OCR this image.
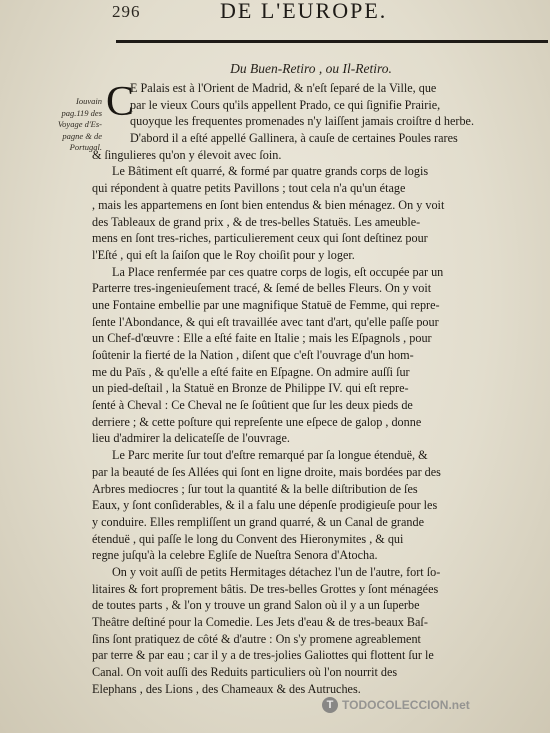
296	DE L'EUROPE.
Du Buen-Retiro , ou Il-Retiro.
Iouvain
pag.119 des
Voyage d'Es-
pagne & de
Portugal.
C
E Palais est à l'Orient de Madrid, & n'eſt ſeparé de la Ville, que
par le vieux Cours qu'ils appellent Prado, ce qui ſignifie Prairie,
quoyque les frequentes promenades n'y laiſſent jamais croiſtre d herbe.
D'abord il a eſté appellé Gallinera, à cauſe de certaines Poules rares
& ſingulieres qu'on y élevoit avec ſoin.
Le Bâtiment eſt quarré, & formé par quatre grands corps de logis
qui répondent à quatre petits Pavillons ; tout cela n'a qu'un étage
, mais les appartemens en ſont bien entendus & bien ménagez. On y voit
des Tableaux de grand prix , & de tres-belles Statuës. Les ameuble-
mens en ſont tres-riches, particulierement ceux qui ſont deſtinez pour
l'Eſté , qui eſt la ſaiſon que le Roy choiſit pour y loger.
La Place renfermée par ces quatre corps de logis, eſt occupée par un
Parterre tres-ingenieuſement tracé, & ſemé de belles Fleurs. On y voit
une Fontaine embellie par une magnifique Statuë de Femme, qui repre-
ſente l'Abondance, & qui eſt travaillée avec tant d'art, qu'elle paſſe pour
un Chef-d'œuvre : Elle a eſté faite en Italie ; mais les Eſpagnols , pour
ſoûtenir la fierté de la Nation , diſent que c'eſt l'ouvrage d'un hom-
me du Païs , & qu'elle a eſté faite en Eſpagne. On admire auſſi ſur
un pied-deſtail , la Statuë en Bronze de Philippe IV. qui eſt repre-
ſenté à Cheval : Ce Cheval ne ſe ſoûtient que ſur les deux pieds de
derriere ; & cette poſture qui repreſente une eſpece de galop , donne
lieu d'admirer la delicateſſe de l'ouvrage.
Le Parc merite ſur tout d'eſtre remarqué par ſa longue étenduë, &
par la beauté de ſes Allées qui ſont en ligne droite, mais bordées par des
Arbres mediocres ; ſur tout la quantité & la belle diſtribution de ſes
Eaux, y ſont conſiderables, & il a falu une dépenſe prodigieuſe pour les
y conduire. Elles rempliſſent un grand quarré, & un Canal de grande
étenduë , qui paſſe le long du Convent des Hieronymites , & qui
regne juſqu'à la celebre Egliſe de Nueſtra Senora d'Atocha.
On y voit auſſi de petits Hermitages détachez l'un de l'autre, fort ſo-
litaires & fort proprement bâtis. De tres-belles Grottes y ſont ménagées
de toutes parts , & l'on y trouve un grand Salon où il y a un ſuperbe
Theâtre deſtiné pour la Comedie. Les Jets d'eau & de tres-beaux Baſ-
ſins ſont pratiquez de côté & d'autre : On s'y promene agreablement
par terre & par eau ; car il y a de tres-jolies Galiottes qui flottent ſur le
Canal. On voit auſſi des Reduits particuliers où l'on nourrit des
Elephans , des Lions , des Chameaux & des Autruches.
T TODOCOLECCION.net
